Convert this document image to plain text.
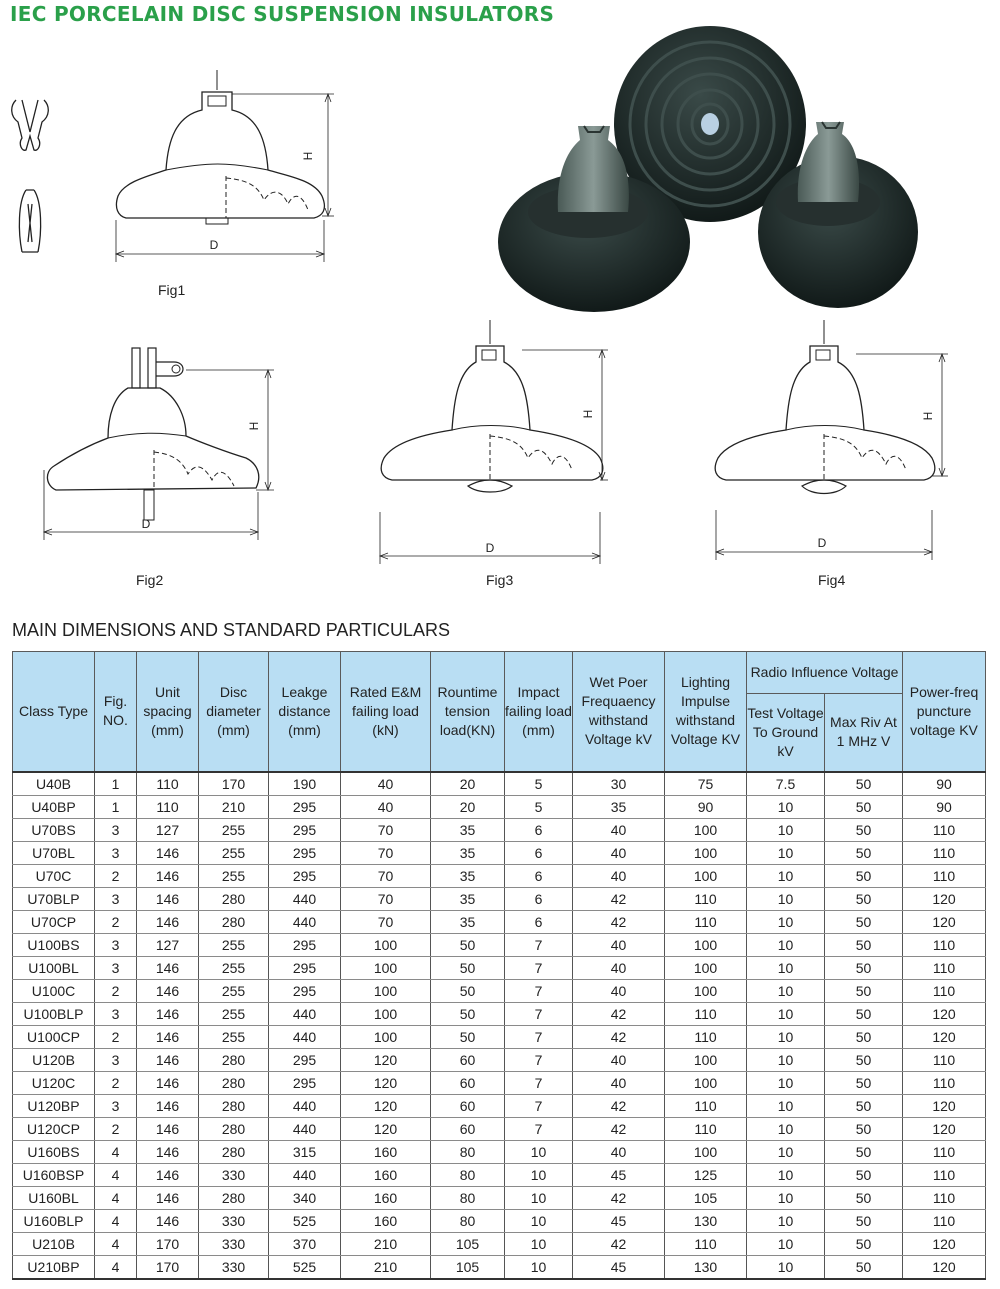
IEC PORCELAIN DISC SUSPENSION INSULATORS
H
D
Fig1
H
D
Fig2
H
D
Fig3
H
D
Fig4
MAIN DIMENSIONS AND STANDARD PARTICULARS
Class Type	Fig. NO.	Unit spacing (mm)	Disc diameter (mm)	Leakge distance (mm)	Rated E&M failing load (kN)	Rountime tension load(KN)	Impact failing load (mm)	Wet Poer Frequaency withstand Voltage kV	Lighting Impulse withstand Voltage KV	Radio Influence Voltage		Power-freq puncture voltage KV
										Test Voltage To Ground kV	Max Riv At 1 MHz V	
U40B	1	110	170	190	40	20	5	30	75	7.5	50	90
U40BP	1	110	210	295	40	20	5	35	90	10	50	90
U70BS	3	127	255	295	70	35	6	40	100	10	50	110
U70BL	3	146	255	295	70	35	6	40	100	10	50	110
U70C	2	146	255	295	70	35	6	40	100	10	50	110
U70BLP	3	146	280	440	70	35	6	42	110	10	50	120
U70CP	2	146	280	440	70	35	6	42	110	10	50	120
U100BS	3	127	255	295	100	50	7	40	100	10	50	110
U100BL	3	146	255	295	100	50	7	40	100	10	50	110
U100C	2	146	255	295	100	50	7	40	100	10	50	110
U100BLP	3	146	255	440	100	50	7	42	110	10	50	120
U100CP	2	146	255	440	100	50	7	42	110	10	50	120
U120B	3	146	280	295	120	60	7	40	100	10	50	110
U120C	2	146	280	295	120	60	7	40	100	10	50	110
U120BP	3	146	280	440	120	60	7	42	110	10	50	120
U120CP	2	146	280	440	120	60	7	42	110	10	50	120
U160BS	4	146	280	315	160	80	10	40	100	10	50	110
U160BSP	4	146	330	440	160	80	10	45	125	10	50	110
U160BL	4	146	280	340	160	80	10	42	105	10	50	110
U160BLP	4	146	330	525	160	80	10	45	130	10	50	110
U210B	4	170	330	370	210	105	10	42	110	10	50	120
U210BP	4	170	330	525	210	105	10	45	130	10	50	120
